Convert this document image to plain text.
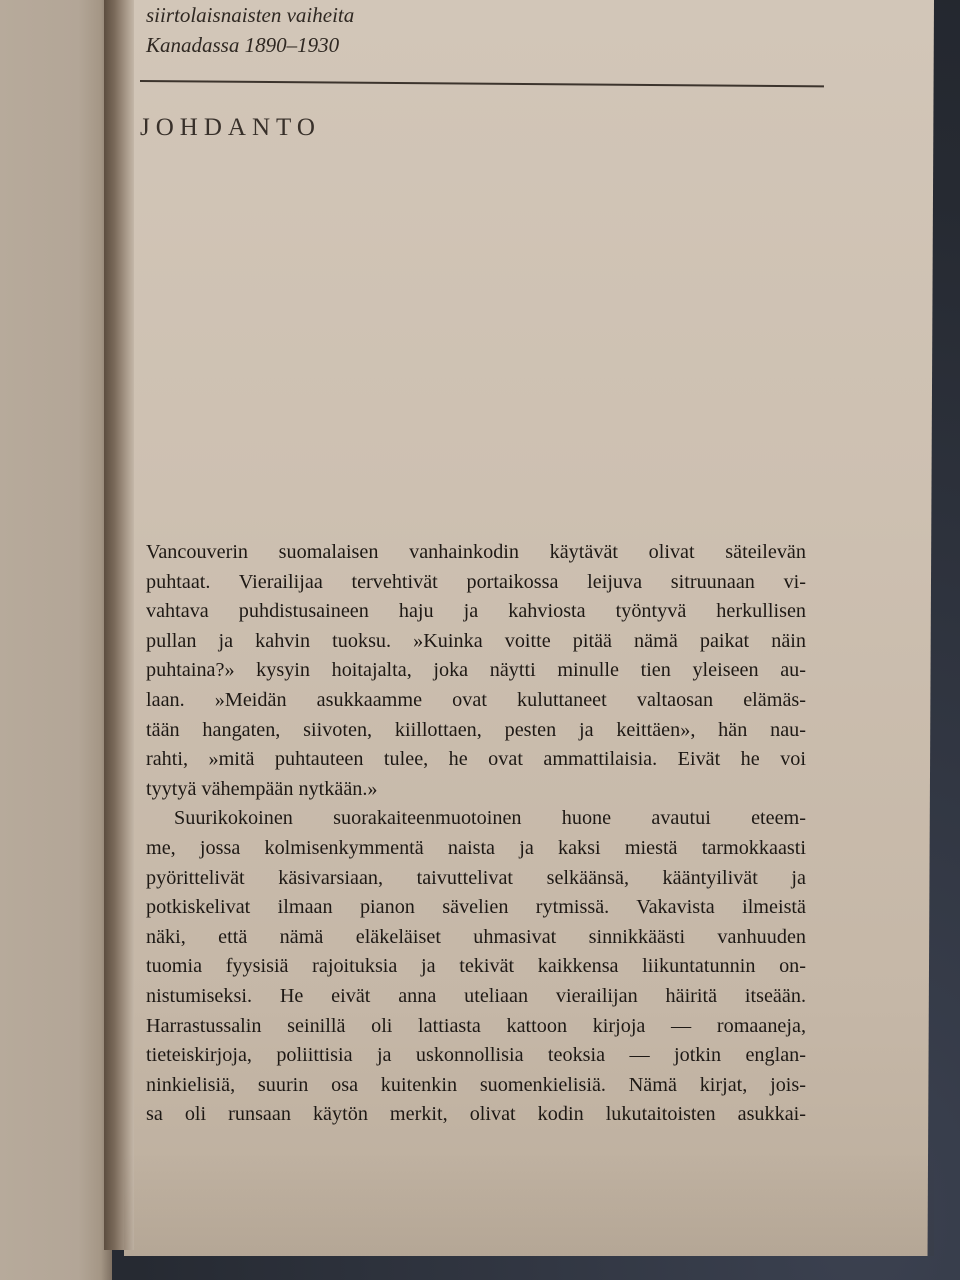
siirtolaisnaisten vaiheita
Kanadassa 1890–1930
JOHDANTO
Vancouverin suomalaisen vanhainkodin käytävät olivat säteilevän
puhtaat. Vierailijaa tervehtivät portaikossa leijuva sitruunaan vi-
vahtava puhdistusaineen haju ja kahviosta työntyvä herkullisen
pullan ja kahvin tuoksu. »Kuinka voitte pitää nämä paikat näin
puhtaina?» kysyin hoitajalta, joka näytti minulle tien yleiseen au-
laan. »Meidän asukkaamme ovat kuluttaneet valtaosan elämäs-
tään hangaten, siivoten, kiillottaen, pesten ja keittäen», hän nau-
rahti, »mitä puhtauteen tulee, he ovat ammattilaisia. Eivät he voi
tyytyä vähempään nytkään.»
Suurikokoinen suorakaiteenmuotoinen huone avautui eteem-
me, jossa kolmisenkymmentä naista ja kaksi miestä tarmokkaasti
pyörittelivät käsivarsiaan, taivuttelivat selkäänsä, kääntyilivät ja
potkiskelivat ilmaan pianon sävelien rytmissä. Vakavista ilmeistä
näki, että nämä eläkeläiset uhmasivat sinnikkäästi vanhuuden
tuomia fyysisiä rajoituksia ja tekivät kaikkensa liikuntatunnin on-
nistumiseksi. He eivät anna uteliaan vierailijan häiritä itseään.
Harrastussalin seinillä oli lattiasta kattoon kirjoja — romaaneja,
tieteiskirjoja, poliittisia ja uskonnollisia teoksia — jotkin englan-
ninkielisiä, suurin osa kuitenkin suomenkielisiä. Nämä kirjat, jois-
sa oli runsaan käytön merkit, olivat kodin lukutaitoisten asukkai-
